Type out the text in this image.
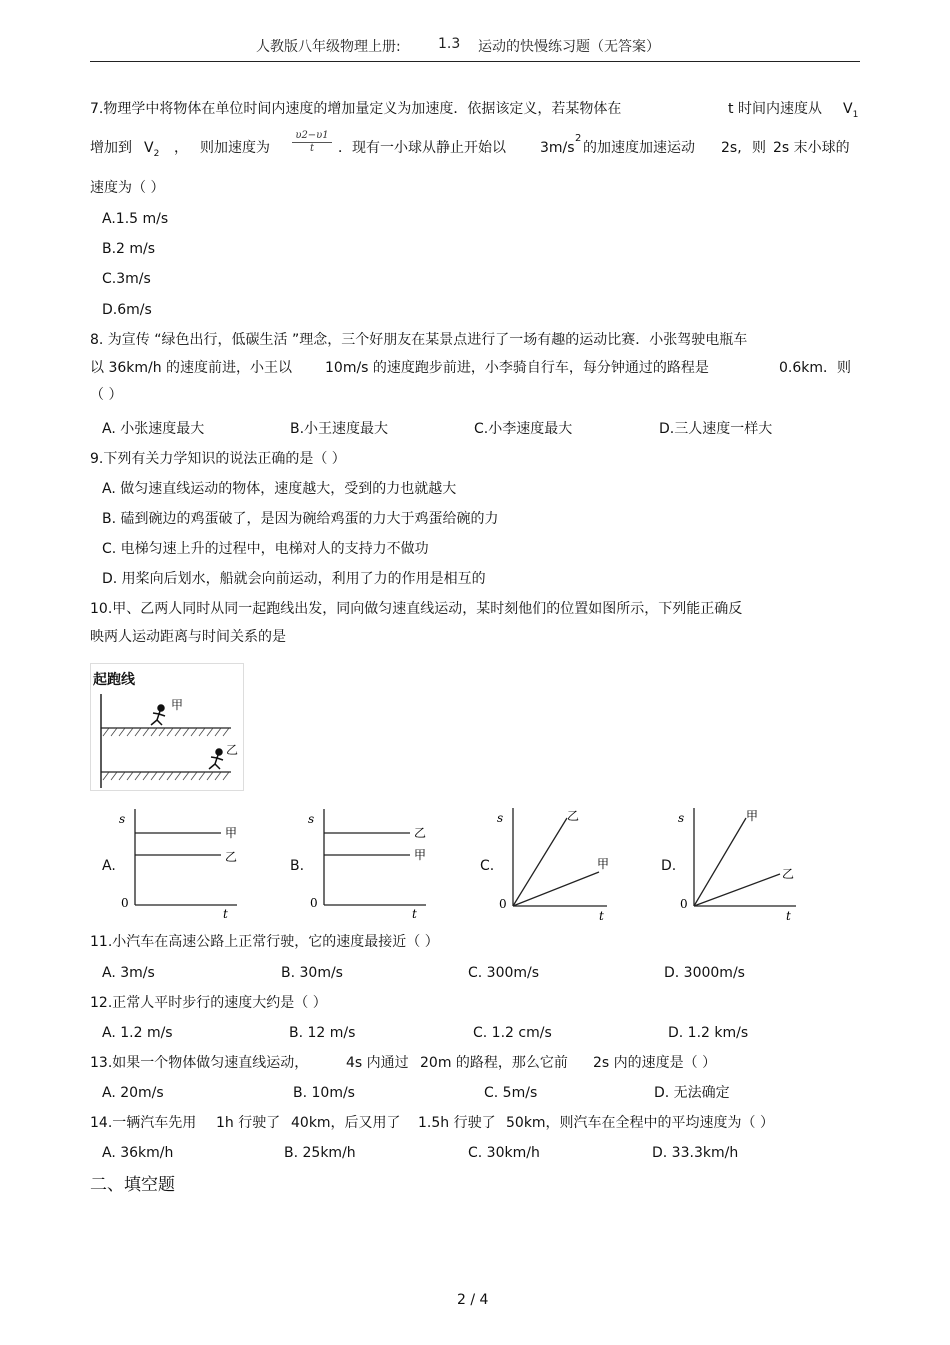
人教版八年级物理上册:	1.3 运动的快慢练习题（无答案）
7.物理学中将物体在单位时间内速度的增加量定义为加速度．依据该定义，若某物体在	t 时间内速度从 $V_1$
增加到 $V_2$ ， 则加速度为
υ2−υ1
t	．现有一小球从静止开始以 3m/s
2
的加速度加速运动 2s, 则 2s 末小球的
速度为（ ）
A.1.5 m/s
B.2 m/s
C.3m/s
D.6m/s
8. 为宣传 “绿色出行，低碳生活 ”理念，三个好朋友在某景点进行了一场有趣的运动比赛．小张驾驶电瓶车
以 36km/h 的速度前进，小王以 10m/s 的速度跑步前进，小李骑自行车，每分钟通过的路程是	0.6km．则
（ ）
A. 小张速度最大	B.小王速度最大	C.小李速度最大	D.三人速度一样大
9.下列有关力学知识的说法正确的是（ ）
A. 做匀速直线运动的物体，速度越大，受到的力也就越大
B. 磕到碗边的鸡蛋破了，是因为碗给鸡蛋的力大于鸡蛋给碗的力
C. 电梯匀速上升的过程中，电梯对人的支持力不做功
D. 用桨向后划水，船就会向前运动，利用了力的作用是相互的
10.甲、乙两人同时从同一起跑线出发，同向做匀速直线运动，某时刻他们的位置如图所示，下列能正确反
映两人运动距离与时间关系的是
起跑线
甲
乙
A.
s
0
t
甲
乙
B.
s
0
t
乙
甲
C.
s
0
t
乙
甲	D.
s
0
t
甲
乙
11.小汽车在高速公路上正常行驶，它的速度最接近（ ）
A. 3m/s	B. 30m/s	C. 300m/s	D. 3000m/s
12.正常人平时步行的速度大约是（ ）
A. 1.2 m/s	B. 12 m/s	C. 1.2 cm/s	D. 1.2 km/s
13.如果一个物体做匀速直线运动，	4s 内通过 20m 的路程，那么它前 2s 内的速度是（ ）
A. 20m/s	B. 10m/s	C. 5m/s	D. 无法确定
14.一辆汽车先用 1h 行驶了 40km，后又用了 1.5h 行驶了 50km，则汽车在全程中的平均速度为（ ）
A. 36km/h	B. 25km/h	C. 30km/h	D. 33.3km/h
二、填空题
2 / 4
